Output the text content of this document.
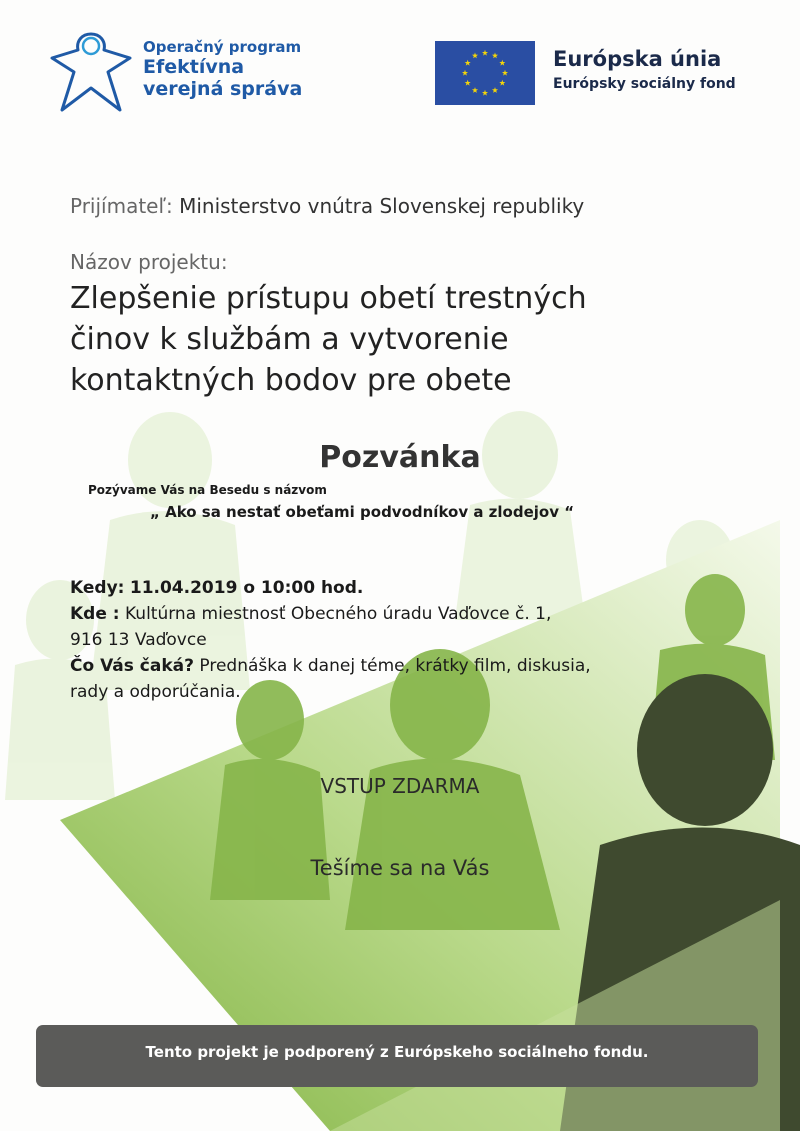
Operačný program
Efektívna
verejná správa
Európska únia
Európsky sociálny fond
Prijímateľ: Ministerstvo vnútra Slovenskej republiky
Názov projektu:
Zlepšenie prístupu obetí trestných
činov k službám a vytvorenie
kontaktných bodov pre obete
Pozvánka
Pozývame Vás na Besedu s názvom
„ Ako sa nestať obeťami podvodníkov a zlodejov “
Kedy: 11.04.2019 o 10:00 hod.
Kde : Kultúrna miestnosť Obecného úradu Vaďovce č. 1,
916 13 Vaďovce
Čo Vás čaká? Prednáška k danej téme, krátky film, diskusia,
rady a odporúčania.
VSTUP ZDARMA
Tešíme sa na Vás
Tento projekt je podporený z Európskeho sociálneho fondu.
